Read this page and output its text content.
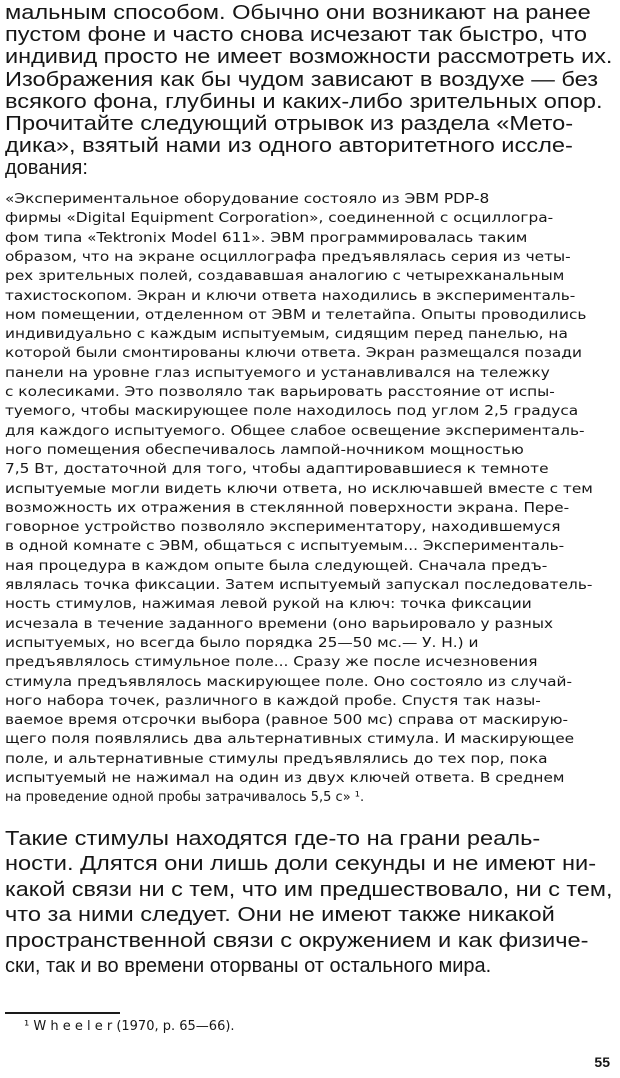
мальным способом. Обычно они возникают на ранее
пустом фоне и часто снова исчезают так быстро, что
индивид просто не имеет возможности рассмотреть их.
Изображения как бы чудом зависают в воздухе — без
всякого фона, глубины и каких-либо зрительных опор.
Прочитайте следующий отрывок из раздела «Мето-
дика», взятый нами из одного авторитетного иссле-
дования:
«Экспериментальное оборудование состояло из ЭВМ PDP-8
фирмы «Digital Equipment Corporation», соединенной с осциллогра-
фом типа «Tektronix Model 611». ЭВМ программировалась таким
образом, что на экране осциллографа предъявлялась серия из четы-
рех зрительных полей, создававшая аналогию с четырехканальным
тахистоскопом. Экран и ключи ответа находились в эксперименталь-
ном помещении, отделенном от ЭВМ и телетайпа. Опыты проводились
индивидуально с каждым испытуемым, сидящим перед панелью, на
которой были смонтированы ключи ответа. Экран размещался позади
панели на уровне глаз испытуемого и устанавливался на тележку
с колесиками. Это позволяло так варьировать расстояние от испы-
туемого, чтобы маскирующее поле находилось под углом 2,5 градуса
для каждого испытуемого. Общее слабое освещение эксперименталь-
ного помещения обеспечивалось лампой-ночником мощностью
7,5 Вт, достаточной для того, чтобы адаптировавшиеся к темноте
испытуемые могли видеть ключи ответа, но исключавшей вместе с тем
возможность их отражения в стеклянной поверхности экрана. Пере-
говорное устройство позволяло экспериментатору, находившемуся
в одной комнате с ЭВМ, общаться с испытуемым... Эксперименталь-
ная процедура в каждом опыте была следующей. Сначала предъ-
являлась точка фиксации. Затем испытуемый запускал последователь-
ность стимулов, нажимая левой рукой на ключ: точка фиксации
исчезала в течение заданного времени (оно варьировало у разных
испытуемых, но всегда было порядка 25—50 мс.— У. Н.) и
предъявлялось стимульное поле... Сразу же после исчезновения
стимула предъявлялось маскирующее поле. Оно состояло из случай-
ного набора точек, различного в каждой пробе. Спустя так назы-
ваемое время отсрочки выбора (равное 500 мс) справа от маскирую-
щего поля появлялись два альтернативных стимула. И маскирующее
поле, и альтернативные стимулы предъявлялись до тех пор, пока
испытуемый не нажимал на один из двух ключей ответа. В среднем
на проведение одной пробы затрачивалось 5,5 с» ¹.
Такие стимулы находятся где-то на грани реаль-
ности. Длятся они лишь доли секунды и не имеют ни-
какой связи ни с тем, что им предшествовало, ни с тем,
что за ними следует. Они не имеют также никакой
пространственной связи с окружением и как физиче-
ски, так и во времени оторваны от остального мира.
¹ W h e e l e r (1970, p. 65—66).
55
